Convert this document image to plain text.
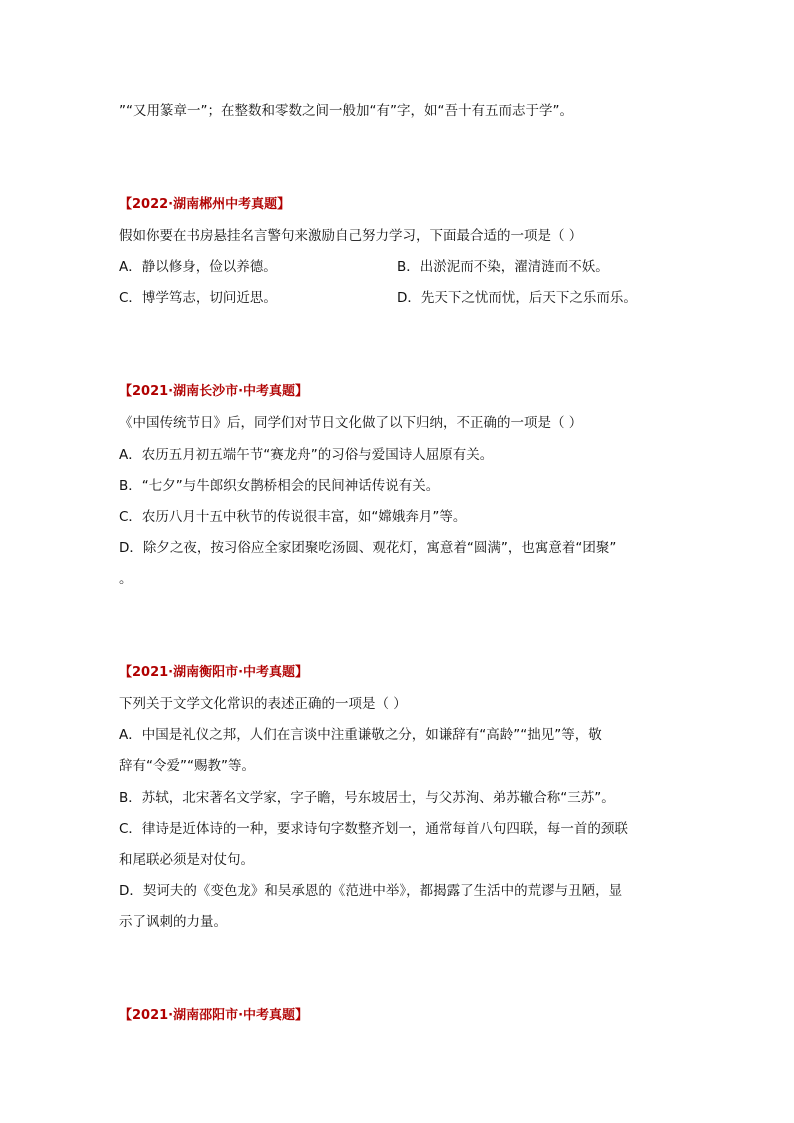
”“又用篆章一”；在整数和零数之间一般加“有”字，如“吾十有五而志于学”。
【2022·湖南郴州中考真题】
假如你要在书房悬挂名言警句来激励自己努力学习，下面最合适的一项是（ ）
A．静以修身，俭以养德。	B．出淤泥而不染，濯清涟而不妖。
C．博学笃志，切问近思。	D．先天下之忧而忧，后天下之乐而乐。
【2021·湖南长沙市·中考真题】
《中国传统节日》后，同学们对节日文化做了以下归纳，不正确的一项是（ ）
A．农历五月初五端午节“赛龙舟”的习俗与爱国诗人屈原有关。
B．“七夕”与牛郎织女鹊桥相会的民间神话传说有关。
C．农历八月十五中秋节的传说很丰富，如“嫦娥奔月”等。
D．除夕之夜，按习俗应全家团聚吃汤圆、观花灯，寓意着“圆满”，也寓意着“团聚”
。
【2021·湖南衡阳市·中考真题】
下列关于文学文化常识的表述正确的一项是（ ）
A．中国是礼仪之邦，人们在言谈中注重谦敬之分，如谦辞有“高龄”“拙见”等，敬
辞有“令爱”“赐教”等。
B．苏轼，北宋著名文学家，字子瞻，号东坡居士，与父苏洵、弟苏辙合称“三苏”。
C．律诗是近体诗的一种，要求诗句字数整齐划一，通常每首八句四联，每一首的颈联
和尾联必须是对仗句。
D．契诃夫的《变色龙》和吴承恩的《范进中举》，都揭露了生活中的荒谬与丑陋，显
示了讽刺的力量。
【2021·湖南邵阳市·中考真题】
